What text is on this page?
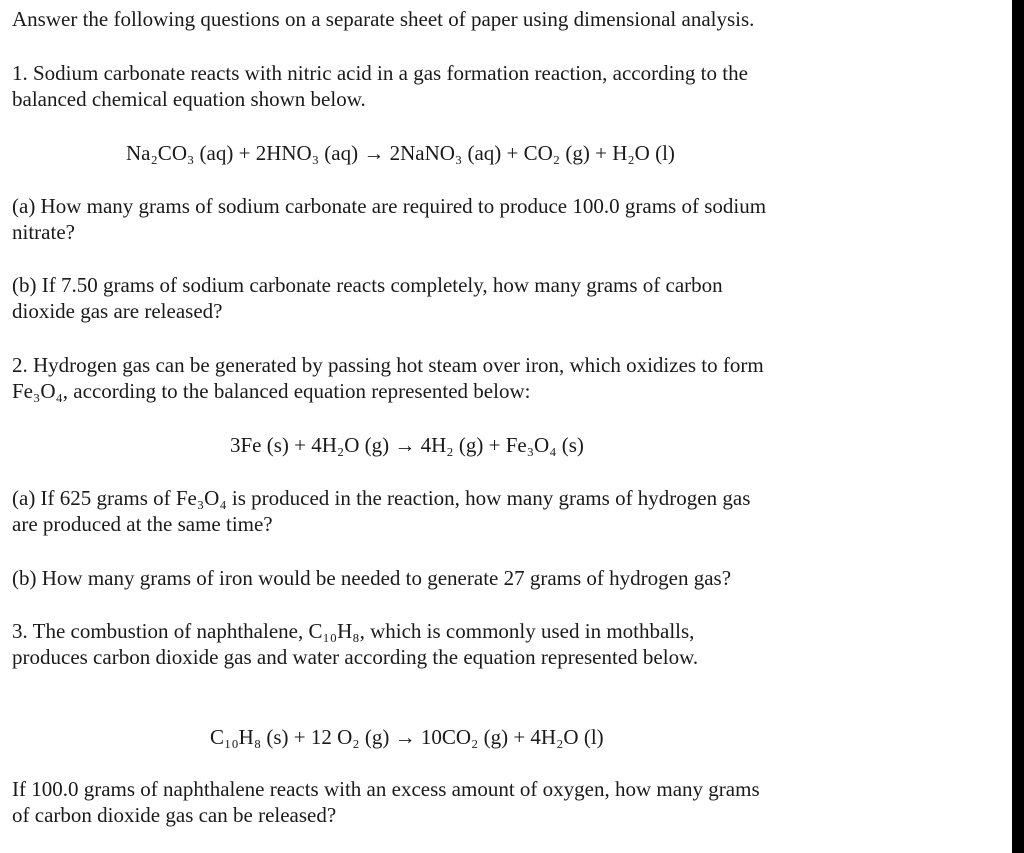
Answer the following questions on a separate sheet of paper using dimensional analysis.

1. Sodium carbonate reacts with nitric acid in a gas formation reaction, according to the

balanced chemical equation shown below.

Na₂CO₃ (aq) + 2HNO₃ (aq) → 2NaNO₃ (aq) + CO₂ (g) + H₂O (l)

(a) How many grams of sodium carbonate are required to produce 100.0 grams of sodium

nitrate?

(b) If 7.50 grams of sodium carbonate reacts completely, how many grams of carbon

dioxide gas are released?

2. Hydrogen gas can be generated by passing hot steam over iron, which oxidizes to form

Fe₃O₄, according to the balanced equation represented below:

3Fe (s) + 4H₂O (g) → 4H₂ (g) + Fe₃O₄ (s)

(a) If 625 grams of Fe₃O₄ is produced in the reaction, how many grams of hydrogen gas

are produced at the same time?

(b) How many grams of iron would be needed to generate 27 grams of hydrogen gas?

3. The combustion of naphthalene, C₁₀H₈, which is commonly used in mothballs,

produces carbon dioxide gas and water according the equation represented below.

C₁₀H₈ (s) + 12 O₂ (g) → 10CO₂ (g) + 4H₂O (l)

If 100.0 grams of naphthalene reacts with an excess amount of oxygen, how many grams

of carbon dioxide gas can be released?
